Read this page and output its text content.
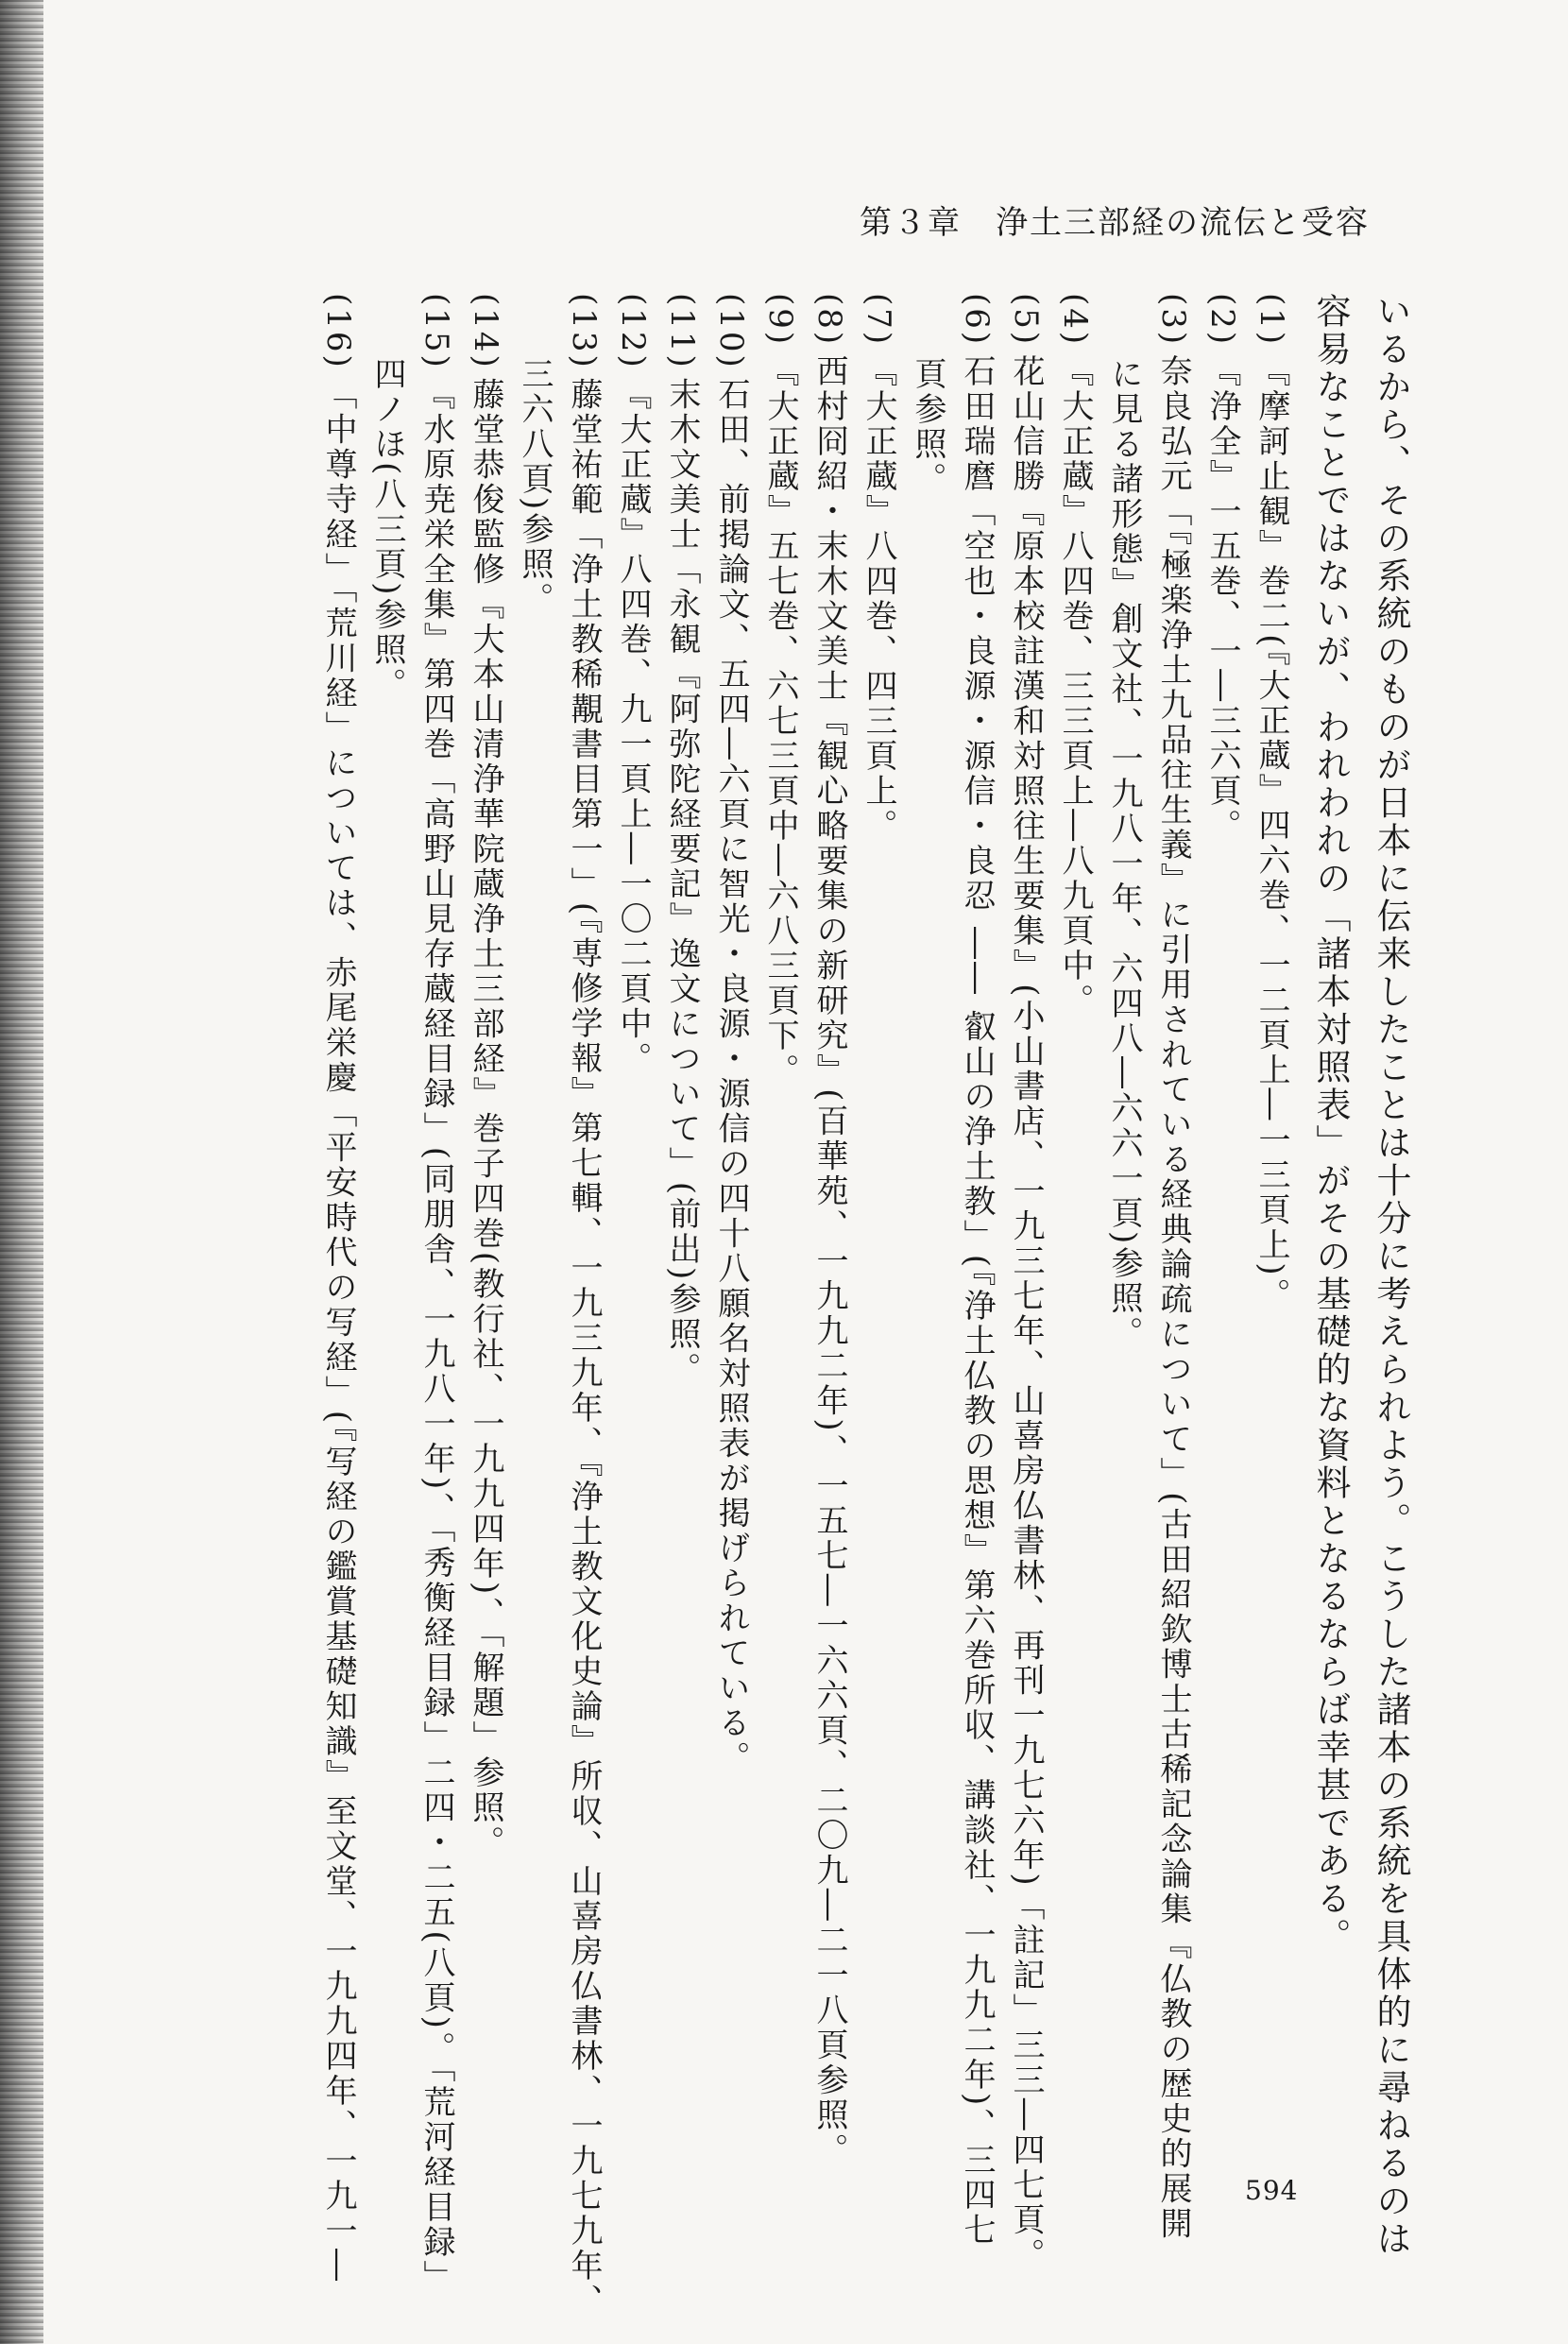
第３章　浄土三部経の流伝と受容
いるから、その系統のものが日本に伝来したことは十分に考えられよう。こうした諸本の系統を具体的に尋ねるのは
容易なことではないが、われわれの「諸本対照表」がその基礎的な資料となるならば幸甚である。
(1)『摩訶止観』巻二(『大正蔵』四六巻、一二頁上―一三頁上)。
(2)『浄全』一五巻、一―三六頁。
(3)奈良弘元「『極楽浄土九品往生義』に引用されている経典論疏について」(古田紹欽博士古稀記念論集『仏教の歴史的展開
に見る諸形態』創文社、一九八一年、六四八―六六一頁)参照。
(4)『大正蔵』八四巻、三三頁上―八九頁中。
(5)花山信勝『原本校註漢和対照往生要集』(小山書店、一九三七年、山喜房仏書林、再刊一九七六年)「註記」三三―四七頁。
(6)石田瑞麿「空也・良源・源信・良忍 ―― 叡山の浄土教」(『浄土仏教の思想』第六巻所収、講談社、一九九二年)、三四七
頁参照。
(7)『大正蔵』八四巻、四三頁上。
(8)西村冏紹・末木文美士『観心略要集の新研究』(百華苑、一九九二年)、一五七―一六六頁、二〇九―二一八頁参照。
(9)『大正蔵』五七巻、六七三頁中―六八三頁下。
(10)石田、前掲論文、五四―六頁に智光・良源・源信の四十八願名対照表が掲げられている。
(11)末木文美士「永観『阿弥陀経要記』逸文について」(前出)参照。
(12)『大正蔵』八四巻、九一頁上―一〇二頁中。
(13)藤堂祐範「浄土教稀覯書目第一」(『専修学報』第七輯、一九三九年、『浄土教文化史論』所収、山喜房仏書林、一九七九年、
三六八頁)参照。
(14)藤堂恭俊監修『大本山清浄華院蔵浄土三部経』巻子四巻(教行社、一九九四年)、「解題」参照。
(15)『水原尭栄全集』第四巻「高野山見存蔵経目録」(同朋舎、一九八一年)、「秀衡経目録」二四・二五(八頁)。「荒河経目録」
四ノほ(八三頁)参照。
(16)「中尊寺経」「荒川経」については、赤尾栄慶「平安時代の写経」(『写経の鑑賞基礎知識』至文堂、一九九四年、一九一―	594
